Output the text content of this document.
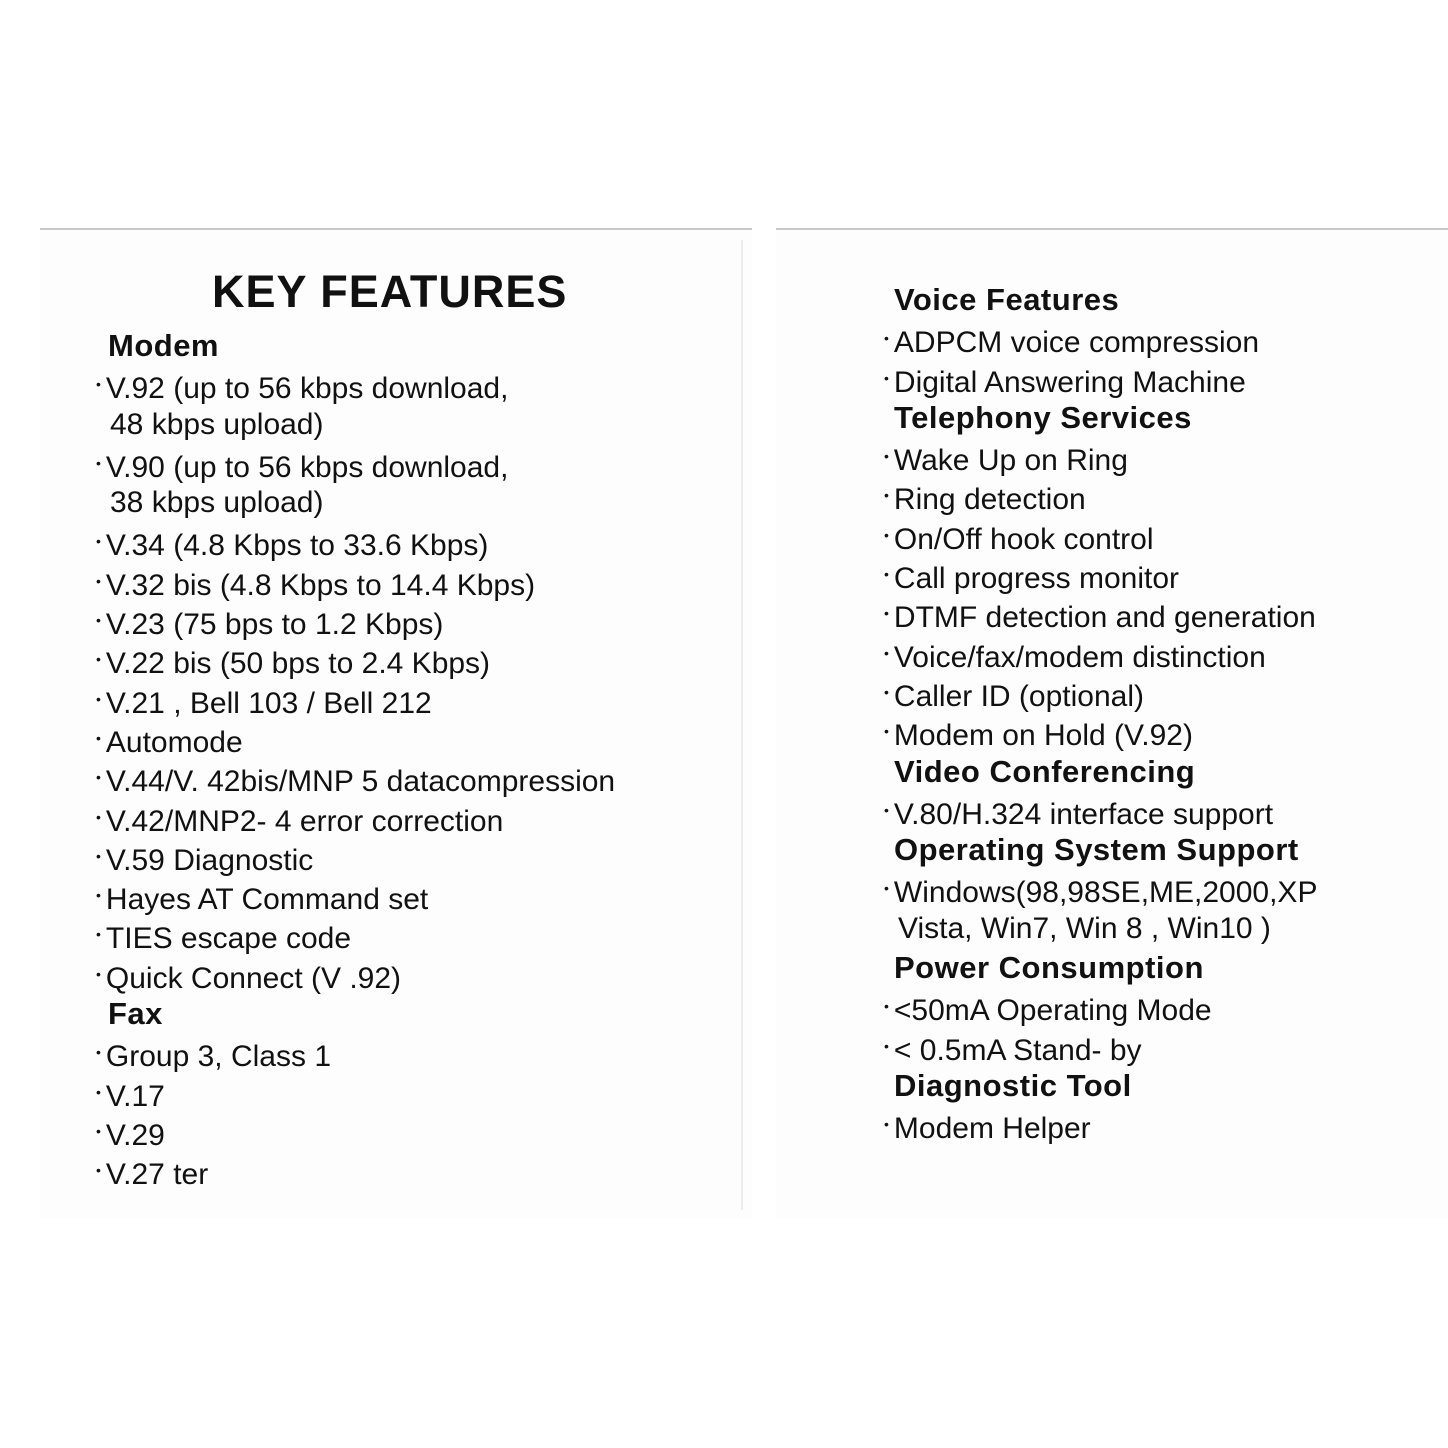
KEY FEATURES
Modem
• V.92 (up to 56 kbps download,
48 kbps upload)
• V.90 (up to 56 kbps download,
38 kbps upload)
• V.34 (4.8 Kbps to 33.6 Kbps)
• V.32 bis (4.8 Kbps to 14.4 Kbps)
• V.23 (75 bps to 1.2 Kbps)
• V.22 bis (50 bps to 2.4 Kbps)
• V.21 , Bell 103 / Bell 212
• Automode
• V.44/V. 42bis/MNP 5 datacompression
• V.42/MNP2- 4 error correction
• V.59 Diagnostic
• Hayes AT Command set
• TIES escape code
• Quick Connect (V .92)
Fax
• Group 3, Class 1
• V.17
• V.29
• V.27 ter
Voice Features
• ADPCM voice compression
• Digital Answering Machine
Telephony Services
• Wake Up on Ring
• Ring detection
• On/Off hook control
• Call progress monitor
• DTMF detection and generation
• Voice/fax/modem distinction
• Caller ID (optional)
• Modem on Hold (V.92)
Video Conferencing
• V.80/H.324 interface support
Operating System Support
• Windows(98,98SE,ME,2000,XP
Vista, Win7, Win 8 , Win10 )
Power Consumption
• <50mA Operating Mode
• < 0.5mA Stand- by
Diagnostic Tool
• Modem Helper
